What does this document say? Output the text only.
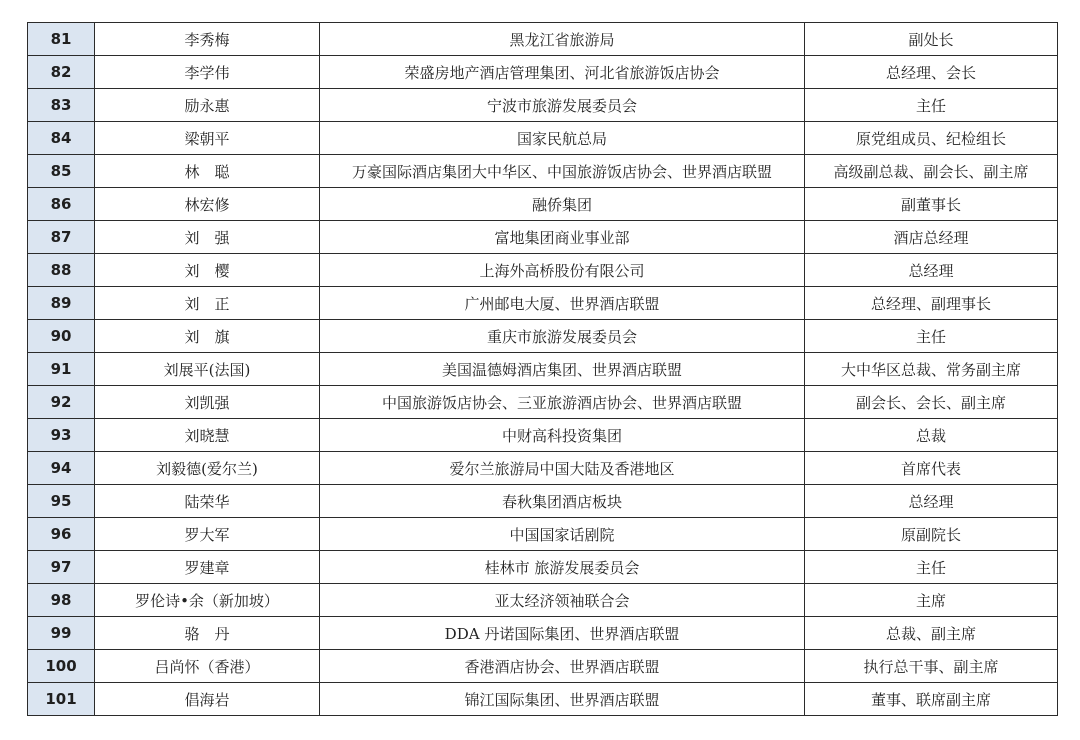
81	李秀梅	黑龙江省旅游局	副处长
82	李学伟	荣盛房地产酒店管理集团、河北省旅游饭店协会	总经理、会长
83	励永惠	宁波市旅游发展委员会	主任
84	梁朝平	国家民航总局	原党组成员、纪检组长
85	林　聪	万豪国际酒店集团大中华区、中国旅游饭店协会、世界酒店联盟	高级副总裁、副会长、副主席
86	林宏修	融侨集团	副董事长
87	刘　强	富地集团商业事业部	酒店总经理
88	刘　樱	上海外高桥股份有限公司	总经理
89	刘　正	广州邮电大厦、世界酒店联盟	总经理、副理事长
90	刘　旗	重庆市旅游发展委员会	主任
91	刘展平(法国)	美国温德姆酒店集团、世界酒店联盟	大中华区总裁、常务副主席
92	刘凯强	中国旅游饭店协会、三亚旅游酒店协会、世界酒店联盟	副会长、会长、副主席
93	刘晓慧	中财高科投资集团	总裁
94	刘毅德(爱尔兰)	爱尔兰旅游局中国大陆及香港地区	首席代表
95	陆荣华	春秋集团酒店板块	总经理
96	罗大军	中国国家话剧院	原副院长
97	罗建章	桂林市 旅游发展委员会	主任
98	罗伦诗•余（新加坡）	亚太经济领袖联合会	主席
99	骆　丹	DDA 丹诺国际集团、世界酒店联盟	总裁、副主席
100	吕尚怀（香港）	香港酒店协会、世界酒店联盟	执行总干事、副主席
101	倡海岩	锦江国际集团、世界酒店联盟	董事、联席副主席
